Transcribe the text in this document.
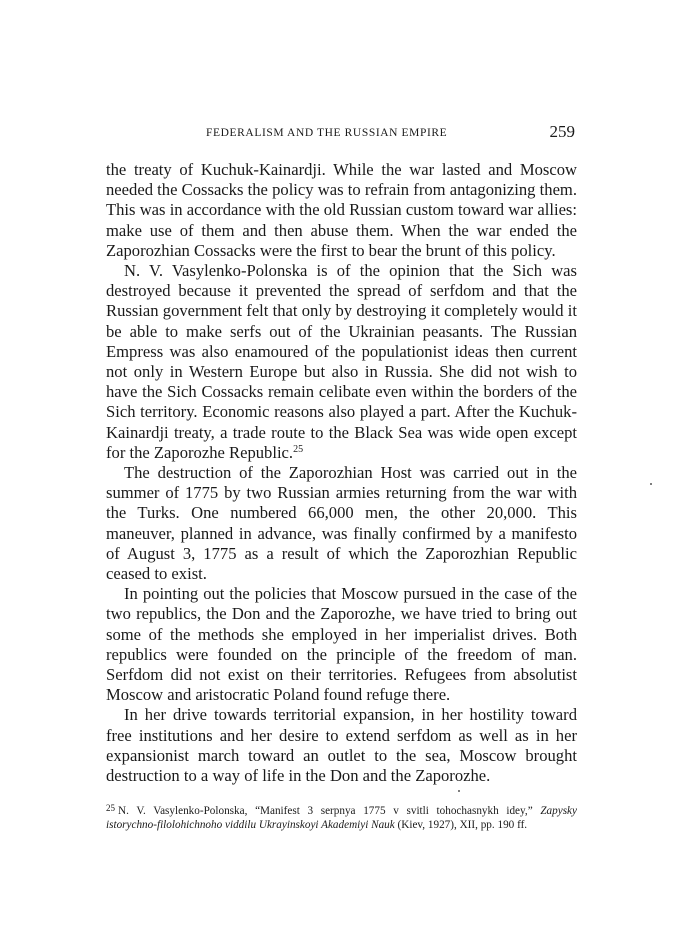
FEDERALISM AND THE RUSSIAN EMPIRE	259

the treaty of Kuchuk-Kainardji. While the war lasted and Moscow needed the Cossacks the policy was to refrain from antagonizing them. This was in accordance with the old Russian custom toward war allies: make use of them and then abuse them. When the war ended the Zaporozhian Cossacks were the first to bear the brunt of this policy.

N. V. Vasylenko-Polonska is of the opinion that the Sich was destroyed because it prevented the spread of serfdom and that the Russian government felt that only by destroying it completely would it be able to make serfs out of the Ukrainian peasants. The Russian Empress was also enamoured of the populationist ideas then current not only in Western Europe but also in Russia. She did not wish to have the Sich Cossacks remain celibate even within the borders of the Sich territory. Economic reasons also played a part. After the Kuchuk-Kainardji treaty, a trade route to the Black Sea was wide open except for the Zaporozhe Republic.$^{25}$

The destruction of the Zaporozhian Host was carried out in the summer of 1775 by two Russian armies returning from the war with the Turks. One numbered 66,000 men, the other 20,000. This maneuver, planned in advance, was finally confirmed by a manifesto of August 3, 1775 as a result of which the Zaporozhian Republic ceased to exist.

In pointing out the policies that Moscow pursued in the case of the two republics, the Don and the Zaporozhe, we have tried to bring out some of the methods she employed in her imperialist drives. Both republics were founded on the principle of the freedom of man. Serfdom did not exist on their territories. Refugees from absolutist Moscow and aristocratic Poland found refuge there.

In her drive towards territorial expansion, in her hostility toward free institutions and her desire to extend serfdom as well as in her expansionist march toward an outlet to the sea, Moscow brought destruction to a way of life in the Don and the Zaporozhe.

$^{25}$ N. V. Vasylenko-Polonska, “Manifest 3 serpnya 1775 v svitli tohochasnykh idey,” Zapysky istorychno-filolohichnoho viddilu Ukrayinskoyi Akademiyi Nauk (Kiev, 1927), XII, pp. 190 ff.
